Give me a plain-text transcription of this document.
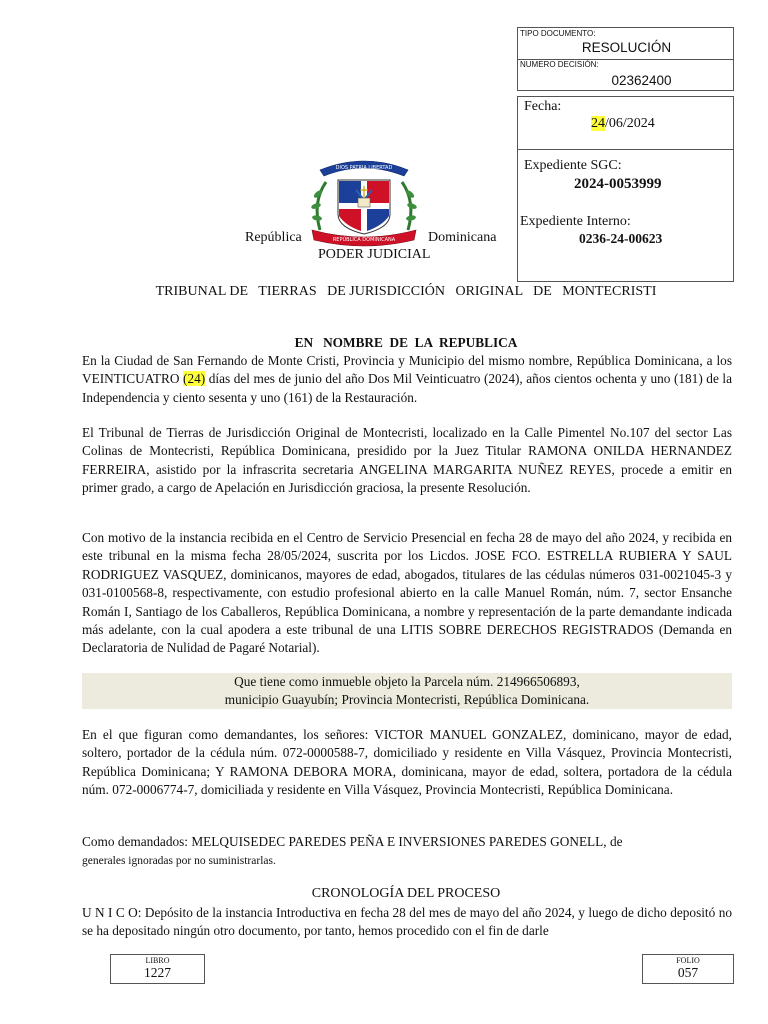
TIPO DOCUMENTO:
RESOLUCIÓN
NUMERO DECISIÓN:
02362400
Fecha:
24/06/2024
Expediente SGC:
2024-0053999
Expediente Interno:
0236-24-00623
DIOS PATRIA LIBERTAD
REPÚBLICA DOMINICANA
República	Dominicana
PODER JUDICIAL
TRIBUNAL DE   TIERRAS   DE JURISDICCIÓN   ORIGINAL   DE   MONTECRISTI
EN   NOMBRE  DE  LA  REPUBLICA

En la Ciudad de San Fernando de Monte Cristi, Provincia y Municipio del mismo nombre, República Dominicana, a los VEINTICUATRO (24) días del mes de junio del año Dos Mil Veinticuatro (2024), años cientos ochenta y uno (181) de la Independencia y ciento sesenta y uno (161) de la Restauración.

El Tribunal de Tierras de Jurisdicción Original de Montecristi, localizado en la Calle Pimentel No.107 del sector Las Colinas de Montecristi, República Dominicana, presidido por la Juez Titular RAMONA ONILDA HERNANDEZ FERREIRA, asistido por la infrascrita secretaria ANGELINA MARGARITA NUÑEZ REYES, procede a emitir en primer grado, a cargo de Apelación en Jurisdicción graciosa, la presente Resolución.

Con motivo de la instancia recibida en el Centro de Servicio Presencial en fecha 28 de mayo del año 2024, y recibida en este tribunal en la misma fecha 28/05/2024, suscrita por los Licdos. JOSE FCO. ESTRELLA RUBIERA Y SAUL RODRIGUEZ VASQUEZ, dominicanos, mayores de edad, abogados, titulares de las cédulas números 031-0021045-3 y 031-0100568-8, respectivamente, con estudio profesional abierto en la calle Manuel Román, núm. 7, sector Ensanche Román I, Santiago de los Caballeros, República Dominicana, a nombre y representación de la parte demandante indicada más adelante, con la cual apodera a este tribunal de una LITIS SOBRE DERECHOS REGISTRADOS (Demanda en Declaratoria de Nulidad de Pagaré Notarial).

Que tiene como inmueble objeto la Parcela núm. 214966506893,
municipio Guayubín; Provincia Montecristi, República Dominicana.

En el que figuran como demandantes, los señores: VICTOR MANUEL GONZALEZ, dominicano, mayor de edad, soltero, portador de la cédula núm. 072-0000588-7, domiciliado y residente en Villa Vásquez, Provincia Montecristi, República Dominicana; Y RAMONA DEBORA MORA, dominicana, mayor de edad, soltera, portadora de la cédula núm. 072-0006774-7, domiciliada y residente en Villa Vásquez, Provincia Montecristi, República Dominicana.

Como demandados: MELQUISEDEC PAREDES PEÑA E INVERSIONES PAREDES GONELL, de
generales ignoradas por no suministrarlas.

CRONOLOGÍA DEL PROCESO

U N I C O: Depósito de la instancia Introductiva en fecha 28 del mes de mayo del año 2024, y luego de dicho depositó no se ha depositado ningún otro documento, por tanto, hemos procedido con el fin de darle

LIBRO
1227
FOLIO
057
